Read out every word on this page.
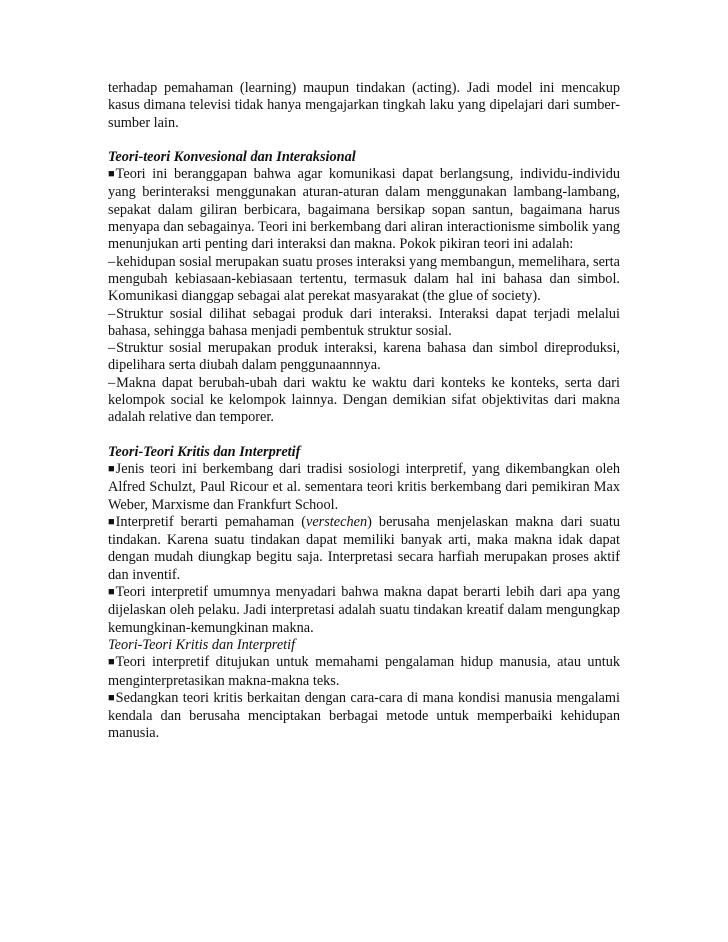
terhadap pemahaman (learning) maupun tindakan (acting). Jadi model ini mencakup kasus dimana televisi tidak hanya mengajarkan tingkah laku yang dipelajari dari sumber-sumber lain.

Teori-teori Konvesional dan Interaksional

■Teori ini beranggapan bahwa agar komunikasi dapat berlangsung, individu-individu yang berinteraksi menggunakan aturan-aturan dalam menggunakan lambang-lambang, sepakat dalam giliran berbicara, bagaimana bersikap sopan santun, bagaimana harus menyapa dan sebagainya. Teori ini berkembang dari aliran interactionisme simbolik yang menunjukan arti penting dari interaksi dan makna. Pokok pikiran teori ini adalah:

–kehidupan sosial merupakan suatu proses interaksi yang membangun, memelihara, serta mengubah kebiasaan-kebiasaan tertentu, termasuk dalam hal ini bahasa dan simbol. Komunikasi dianggap sebagai alat perekat masyarakat (the glue of society).

–Struktur sosial dilihat sebagai produk dari interaksi. Interaksi dapat terjadi melalui bahasa, sehingga bahasa menjadi pembentuk struktur sosial.

–Struktur sosial merupakan produk interaksi, karena bahasa dan simbol direproduksi, dipelihara serta diubah dalam penggunaannnya.

–Makna dapat berubah-ubah dari waktu ke waktu dari konteks ke konteks, serta dari kelompok social ke kelompok lainnya. Dengan demikian sifat objektivitas dari makna adalah relative dan temporer.

Teori-Teori Kritis dan Interpretif

■Jenis teori ini berkembang dari tradisi sosiologi interpretif, yang dikembangkan oleh Alfred Schulzt, Paul Ricour et al. sementara teori kritis berkembang dari pemikiran Max Weber, Marxisme dan Frankfurt School.

■Interpretif berarti pemahaman (verstechen) berusaha menjelaskan makna dari suatu tindakan. Karena suatu tindakan dapat memiliki banyak arti, maka makna idak dapat dengan mudah diungkap begitu saja. Interpretasi secara harfiah merupakan proses aktif dan inventif.

■Teori interpretif umumnya menyadari bahwa makna dapat berarti lebih dari apa yang dijelaskan oleh pelaku. Jadi interpretasi adalah suatu tindakan kreatif dalam mengungkap kemungkinan-kemungkinan makna.

Teori-Teori Kritis dan Interpretif

■Teori interpretif ditujukan untuk memahami pengalaman hidup manusia, atau untuk menginterpretasikan makna-makna teks.

■Sedangkan teori kritis berkaitan dengan cara-cara di mana kondisi manusia mengalami kendala dan berusaha menciptakan berbagai metode untuk memperbaiki kehidupan manusia.
